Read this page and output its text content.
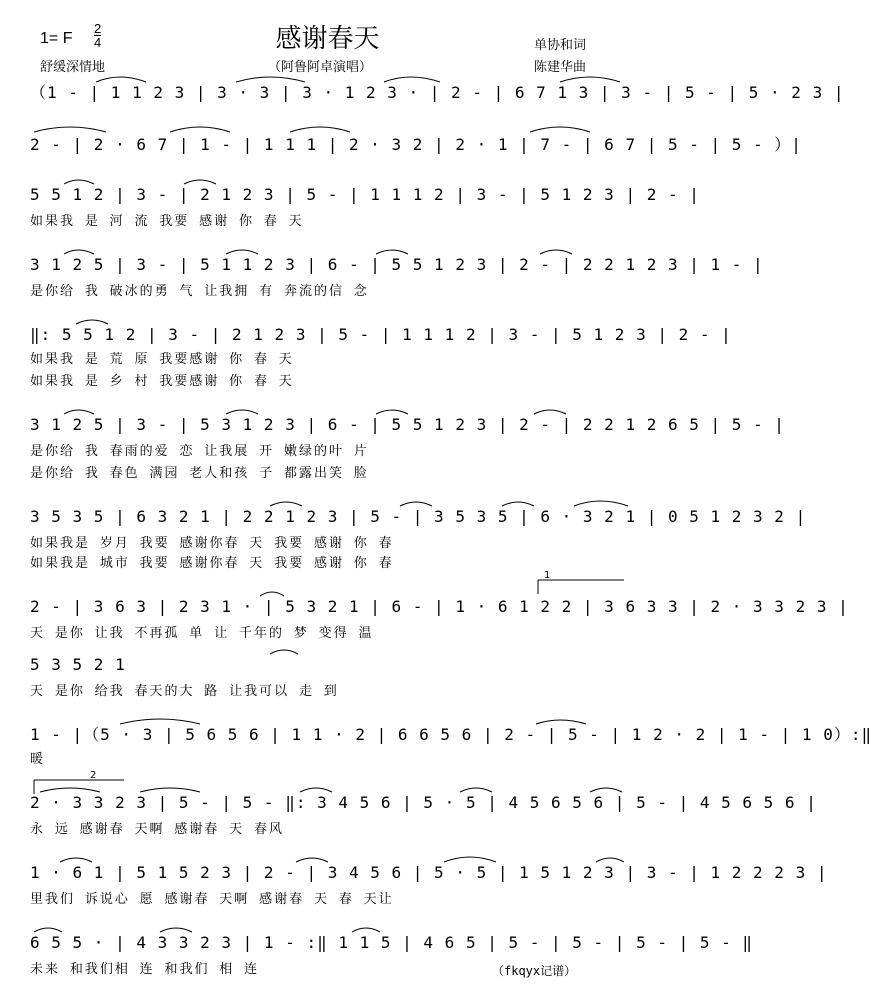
感谢春天
1= F
2
4	单协和词
舒缓深情地	（阿鲁阿卓演唱）	陈建华曲
（1 - | 1 1 2 3 | 3 · 3 | 3 · 1 2 3 · | 2 - | 6 7 1 3 | 3 - | 5 - | 5 · 2 3 |
2 - | 2 · 6 7 | 1 - | 1 1 1 | 2 · 3 2 | 2 · 1 | 7 - | 6 7 | 5 - | 5 - ）|
5 5 1 2 | 3 - | 2 1 2 3 | 5 - | 1 1 1 2 | 3 - | 5 1 2 3 | 2 - |
如果我 是 河 流 我要 感谢 你 春 天
3 1 2 5 | 3 - | 5 1 1 2 3 | 6 - | 5 5 1 2 3 | 2 - | 2 2 1 2 3 | 1 - |
是你给 我 破冰的勇 气 让我拥 有 奔流的信 念
‖: 5 5 1 2 | 3 - | 2 1 2 3 | 5 - | 1 1 1 2 | 3 - | 5 1 2 3 | 2 - |
如果我 是 荒 原 我要感谢 你 春 天
如果我 是 乡 村 我要感谢 你 春 天
3 1 2 5 | 3 - | 5 3 1 2 3 | 6 - | 5 5 1 2 3 | 2 - | 2 2 1 2 6 5 | 5 - |
是你给 我 春雨的爱 恋 让我展 开 嫩绿的叶 片
是你给 我 春色 满园 老人和孩 子 都露出笑 脸
3 5 3 5 | 6 3 2 1 | 2 2 1 2 3 | 5 - | 3 5 3 5 | 6 · 3 2 1 | 0 5 1 2 3 2 |
如果我是 岁月 我要 感谢你春 天 我要 感谢 你 春
如果我是 城市 我要 感谢你春 天 我要 感谢 你 春
1
2 - | 3 6 3 | 2 3 1 · | 5 3 2 1 | 6 - | 1 · 6 1 2 2 | 3 6 3 3 | 2 · 3 3 2 3 |
天 是你 让我 不再孤 单 让 千年的 梦 变得 温
5 3 5 2 1
天 是你 给我 春天的大 路 让我可以 走 到
1 - |（5 · 3 | 5 6 5 6 | 1 1 · 2 | 6 6 5 6 | 2 - | 5 - | 1 2 · 2 | 1 - | 1 0）:‖
暖
2
2 · 3 3 2 3 | 5 - | 5 - ‖: 3 4 5 6 | 5 · 5 | 4 5 6 5 6 | 5 - | 4 5 6 5 6 |
永 远 感谢春 天啊 感谢春 天 春风
1 · 6 1 | 5 1 5 2 3 | 2 - | 3 4 5 6 | 5 · 5 | 1 5 1 2 3 | 3 - | 1 2 2 2 3 |
里我们 诉说心 愿 感谢春 天啊 感谢春 天 春 天让
6 5 5 · | 4 3 3 2 3 | 1 - :‖ 1 1 5 | 4 6 5 | 5 - | 5 - | 5 - | 5 - ‖
未来 和我们相 连 和我们 相 连	（fkqyx记谱）
